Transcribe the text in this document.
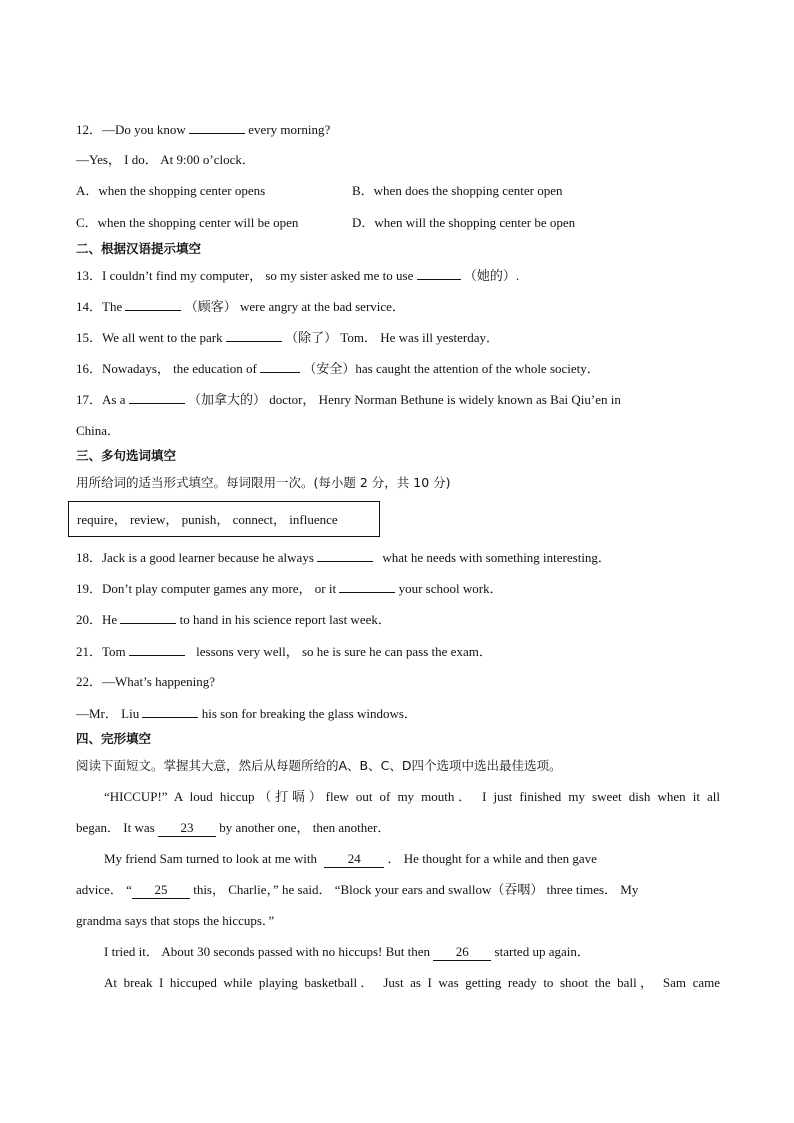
12．—Do you know	every morning?
—Yes， I do． At 9:00 o’clock．
A．when the shopping center opens	B．when does the shopping center open
C．when the shopping center will be open	D．when will the shopping center be open
二、根据汉语提示填空
13．I couldn’t find my computer， so my sister asked me to use	（她的）.
14．The	（顾客） were angry at the bad service．
15．We all went to the park	（除了） Tom． He was ill yesterday．
16．Nowadays， the education of	（安全）has caught the attention of the whole society．
17．As a	（加拿大的） doctor， Henry Norman Bethune is widely known as Bai Qiu’en in
China．
三、多句选词填空
用所给词的适当形式填空。每词限用一次。(每小题 2 分，共 10 分)
require， review， punish， connect， influence
18．Jack is a good learner because he always	what he needs with something interesting．
19．Don’t play computer games any more， or it	your school work．
20．He	to hand in his science report last week．
21．Tom	lessons very well， so he is sure he can pass the exam．
22．—What’s happening?
—Mr． Liu	his son for breaking the glass windows．
四、完形填空
阅读下面短文。掌握其大意，然后从每题所给的A、B、C、D四个选项中选出最佳选项。
“HICCUP!” A loud hiccup（打嗝）flew out of my mouth． I just finished my sweet dish when it all
began． It was 23 by another one， then another．
My friend Sam turned to look at me with 24 ． He thought for a while and then gave
advice． “ 25 this， Charlie，” he said． “Block your ears and swallow（吞咽） three times． My
grandma says that stops the hiccups．”
I tried it． About 30 seconds passed with no hiccups! But then 26 started up again．
At break I hiccuped while playing basketball． Just as I was getting ready to shoot the ball， Sam came
